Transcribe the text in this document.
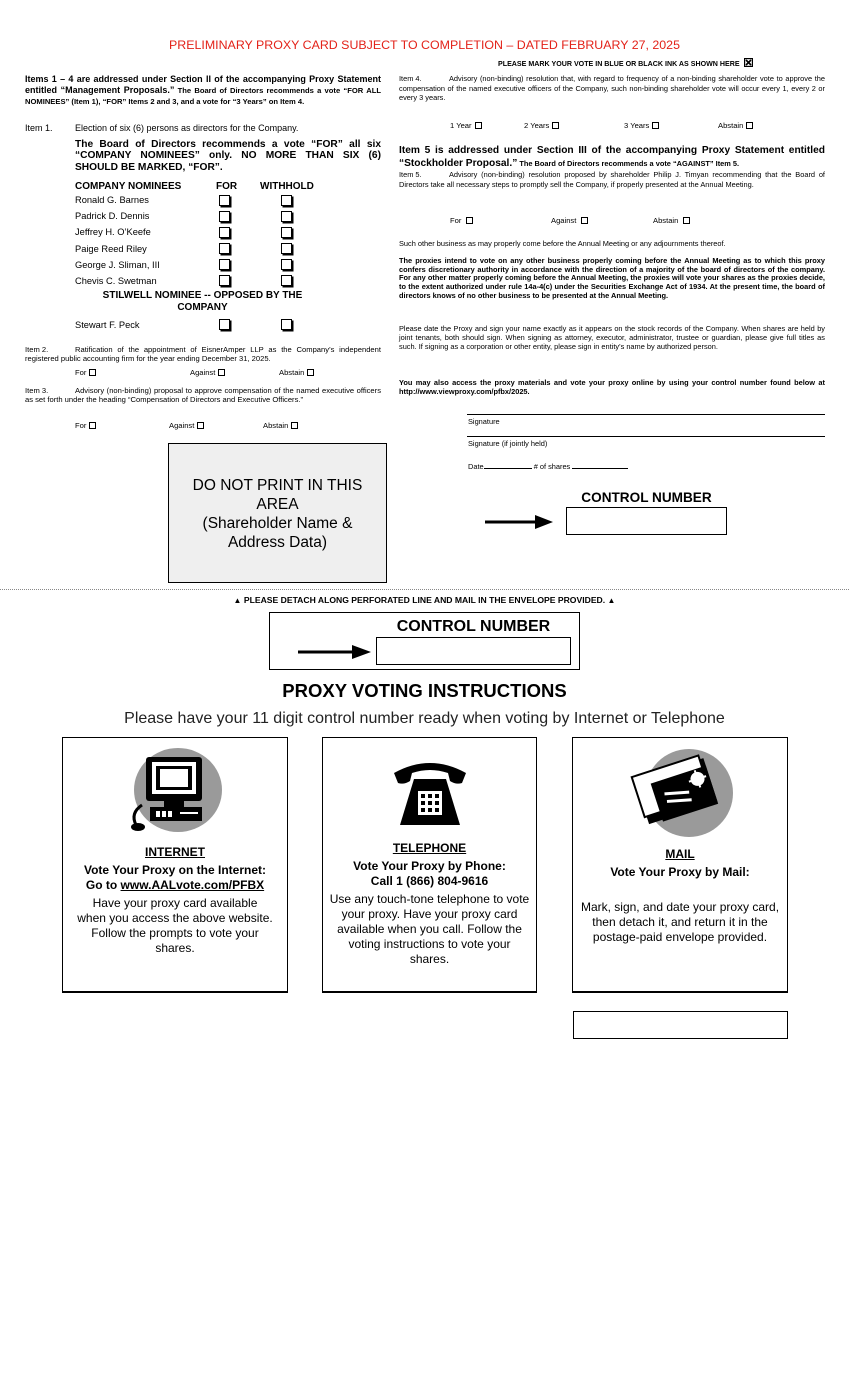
PRELIMINARY PROXY CARD SUBJECT TO COMPLETION – DATED FEBRUARY 27, 2025
PLEASE MARK YOUR VOTE IN BLUE OR BLACK INK AS SHOWN HERE
Items 1 – 4 are addressed under Section II of the accompanying Proxy Statement entitled “Management Proposals.” The Board of Directors recommends a vote “FOR ALL NOMINEES” (Item 1), “FOR” Items 2 and 3, and a vote for “3 Years” on Item 4.
Item 1. Election of six (6) persons as directors for the Company.
The Board of Directors recommends a vote “FOR” all six “COMPANY NOMINEES” only. NO MORE THAN SIX (6) SHOULD BE MARKED, “FOR”.
COMPANY NOMINEES	FOR WITHHOLD
Ronald G. Barnes
Padrick D. Dennis
Jeffrey H. O’Keefe
Paige Reed Riley
George J. Sliman, III
Chevis C. Swetman
STILWELL NOMINEE -- OPPOSED BY THE COMPANY
Stewart F. Peck
Item 2.	Ratification of the appointment of EisnerAmper LLP as the Company’s independent registered public accounting firm for the year ending December 31, 2025.
For	Against	Abstain
Item 3.	Advisory (non-binding) proposal to approve compensation of the named executive officers as set forth under the heading “Compensation of Directors and Executive Officers.”
For	Against	Abstain
DO NOT PRINT IN THIS AREA
(Shareholder Name & Address Data)
Item 4.	Advisory (non-binding) resolution that, with regard to frequency of a non-binding shareholder vote to approve the compensation of the named executive officers of the Company, such non-binding shareholder vote will occur every 1, every 2 or every 3 years.
1 Year	2 Years	3 Years	Abstain
Item 5 is addressed under Section III of the accompanying Proxy Statement entitled “Stockholder Proposal.” The Board of Directors recommends a vote “AGAINST” Item 5.
Item 5.	Advisory (non-binding) resolution proposed by shareholder Philip J. Timyan recommending that the Board of Directors take all necessary steps to promptly sell the Company, if properly presented at the Annual Meeting.
For	Against	Abstain
Such other business as may properly come before the Annual Meeting or any adjournments thereof.
The proxies intend to vote on any other business properly coming before the Annual Meeting as to which this proxy confers discretionary authority in accordance with the direction of a majority of the board of directors of the company. For any other matter properly coming before the Annual Meeting, the proxies will vote your shares as the proxies decide, to the extent authorized under rule 14a-4(c) under the Securities Exchange Act of 1934. At the present time, the board of directors knows of no other business to be presented at the Annual Meeting.
Please date the Proxy and sign your name exactly as it appears on the stock records of the Company. When shares are held by joint tenants, both should sign. When signing as attorney, executor, administrator, trustee or guardian, please give full titles as such. If signing as a corporation or other entity, please sign in entity’s name by authorized person.
You may also access the proxy materials and vote your proxy online by using your control number found below at http://www.viewproxy.com/pfbx/2025.
Signature
Signature (if jointly held)
Date	# of shares
CONTROL NUMBER
▲ PLEASE DETACH ALONG PERFORATED LINE AND MAIL IN THE ENVELOPE PROVIDED. ▲
CONTROL NUMBER
PROXY VOTING INSTRUCTIONS
Please have your 11 digit control number ready when voting by Internet or Telephone
INTERNET
Vote Your Proxy on the Internet:
Go to www.AALvote.com/PFBX
Have your proxy card available when you access the above website. Follow the prompts to vote your shares.
TELEPHONE
Vote Your Proxy by Phone:
Call 1 (866) 804-9616
Use any touch-tone telephone to vote your proxy. Have your proxy card available when you call. Follow the voting instructions to vote your shares.
MAIL
Vote Your Proxy by Mail:
Mark, sign, and date your proxy card, then detach it, and return it in the postage-paid envelope provided.
